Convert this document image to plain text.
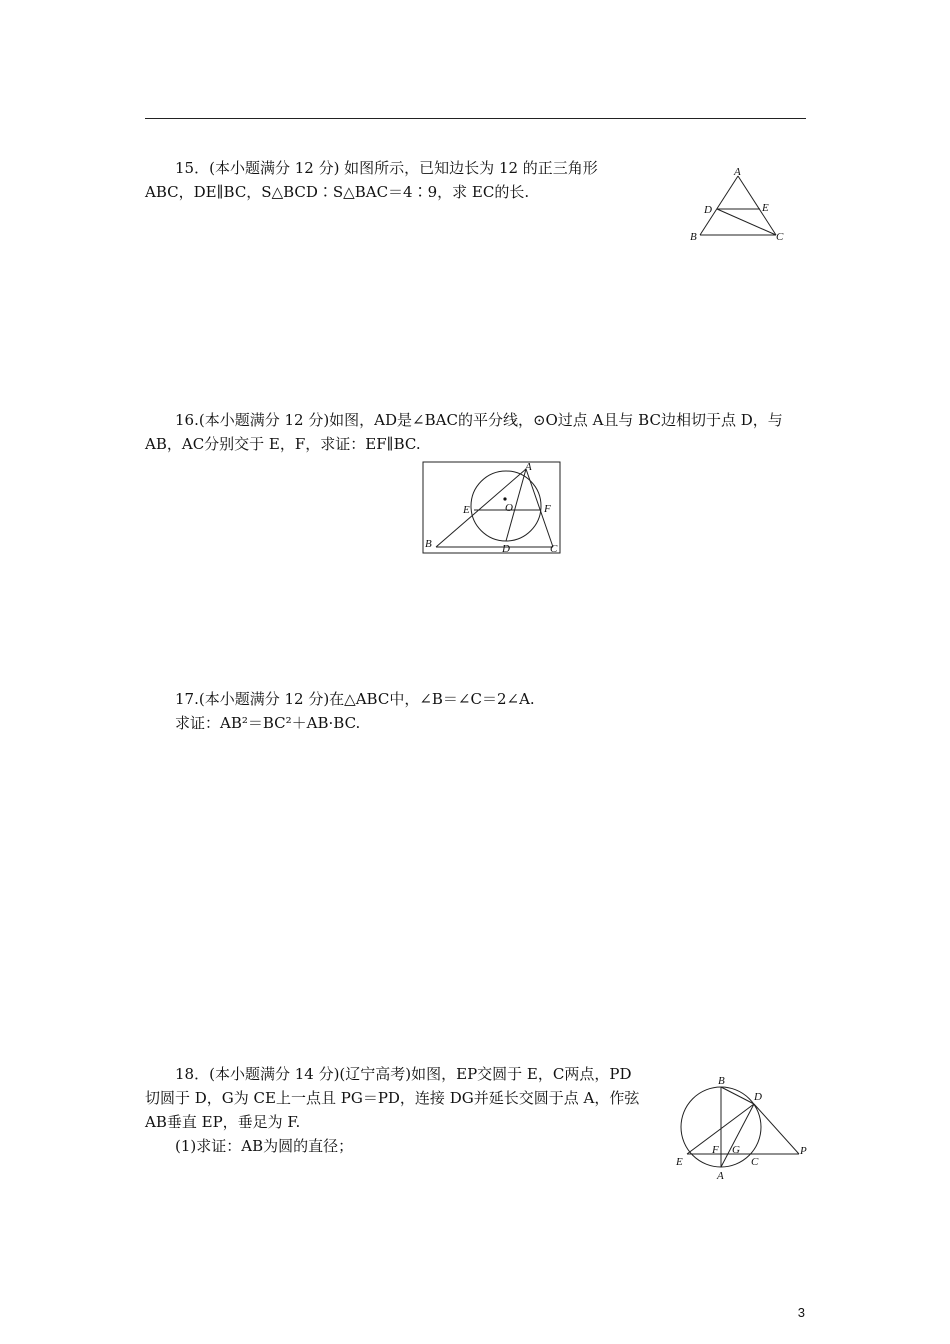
15．(本小题满分 12 分) 如图所示，已知边长为 12 的正三角形

ABC，DE∥BC，S△BCD∶S△BAC＝4∶9，求 EC的长.

A
D	E
B	C

16.(本小题满分 12 分)如图，AD是∠BAC的平分线，⊙O过点 A且与 BC边相切于点 D，与

AB，AC分别交于 E，F，求证：EF∥BC.

A
E	F
O
B	D	C

17.(本小题满分 12 分)在△ABC中，∠B＝∠C＝2∠A.

求证：AB²＝BC²＋AB·BC.

18．(本小题满分 14 分)(辽宁高考)如图，EP交圆于 E，C两点，PD

切圆于 D，G为 CE上一点且 PG＝PD，连接 DG并延长交圆于点 A，作弦

AB垂直 EP，垂足为 F.

(1)求证：AB为圆的直径；

B
D
E
F G
C
A
P
3
